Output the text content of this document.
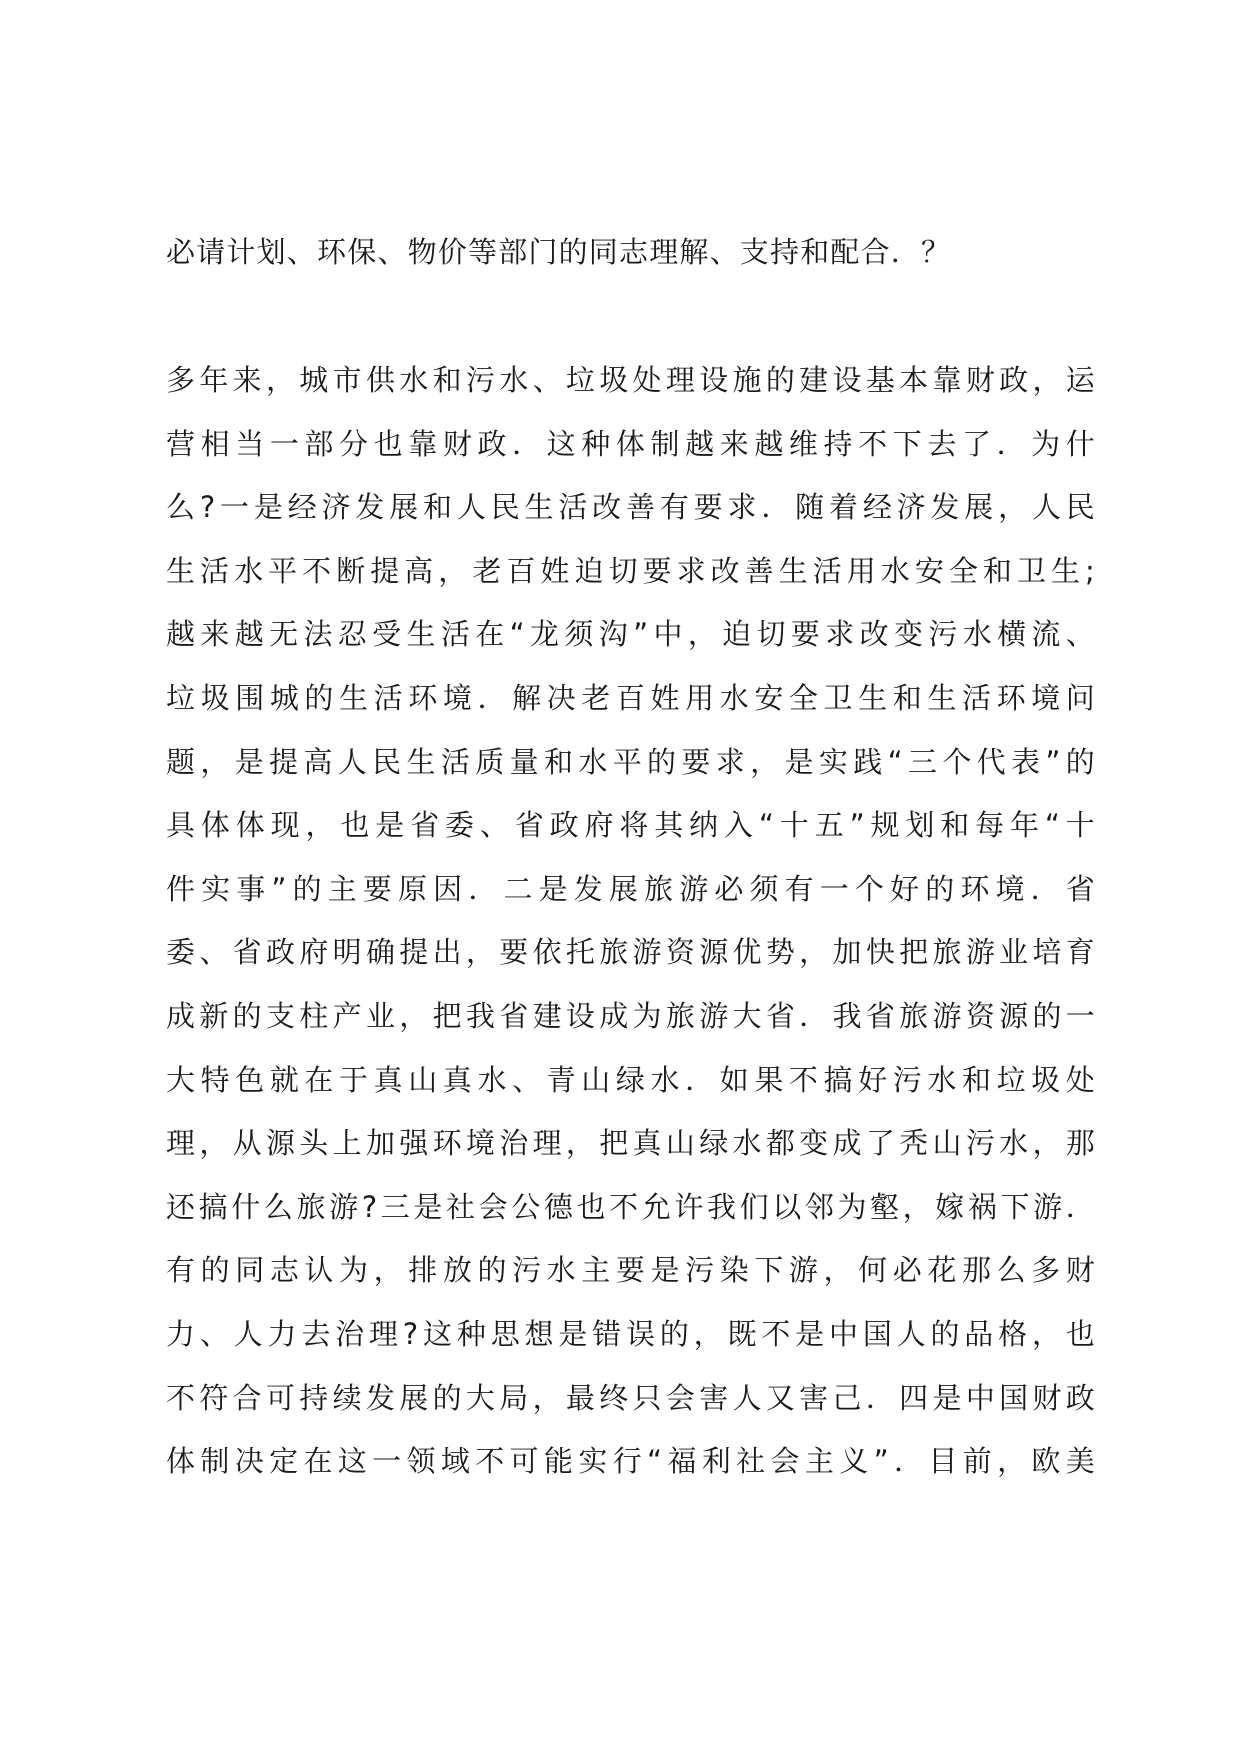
必请计划、环保、物价等部门的同志理解、支持和配合．？
多年来，城市供水和污水、垃圾处理设施的建设基本靠财政，运
营相当一部分也靠财政．这种体制越来越维持不下去了．为什
么?一是经济发展和人民生活改善有要求．随着经济发展，人民
生活水平不断提高，老百姓迫切要求改善生活用水安全和卫生;
越来越无法忍受生活在“龙须沟”中，迫切要求改变污水横流、
垃圾围城的生活环境．解决老百姓用水安全卫生和生活环境问
题，是提高人民生活质量和水平的要求，是实践“三个代表”的
具体体现，也是省委、省政府将其纳入“十五”规划和每年“十
件实事”的主要原因．二是发展旅游必须有一个好的环境．省
委、省政府明确提出，要依托旅游资源优势，加快把旅游业培育
成新的支柱产业，把我省建设成为旅游大省．我省旅游资源的一
大特色就在于真山真水、青山绿水．如果不搞好污水和垃圾处
理，从源头上加强环境治理，把真山绿水都变成了秃山污水，那
还搞什么旅游?三是社会公德也不允许我们以邻为壑，嫁祸下游．
有的同志认为，排放的污水主要是污染下游，何必花那么多财
力、人力去治理?这种思想是错误的，既不是中国人的品格，也
不符合可持续发展的大局，最终只会害人又害己．四是中国财政
体制决定在这一领域不可能实行“福利社会主义”．目前，欧美
